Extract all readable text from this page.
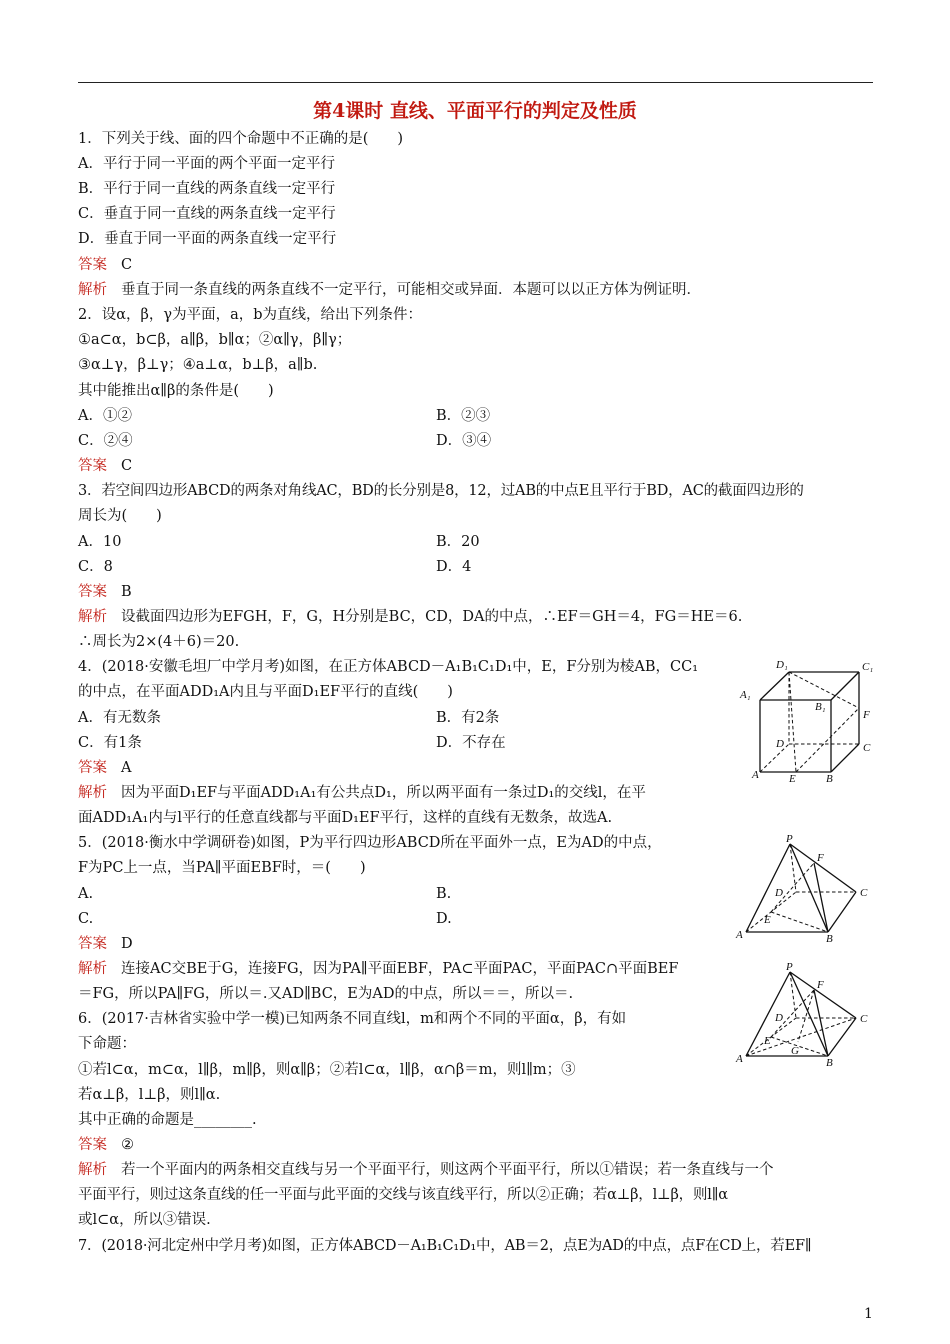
第4课时 直线、平面平行的判定及性质
1．下列关于线、面的四个命题中不正确的是(　　)
A．平行于同一平面的两个平面一定平行
B．平行于同一直线的两条直线一定平行
C．垂直于同一直线的两条直线一定平行
D．垂直于同一平面的两条直线一定平行
答案 C
解析 垂直于同一条直线的两条直线不一定平行，可能相交或异面．本题可以以正方体为例证明．
2．设α，β，γ为平面，a，b为直线，给出下列条件：
①a⊂α，b⊂β，a∥β，b∥α；②α∥γ，β∥γ；
③α⊥γ，β⊥γ；④a⊥α，b⊥β，a∥b.
其中能推出α∥β的条件是(　　)
A．①②	B．②③
C．②④	D．③④
答案 C
3．若空间四边形ABCD的两条对角线AC，BD的长分别是8，12，过AB的中点E且平行于BD，AC的截面四边形的
周长为(　　)
A．10	B．20
C．8	D．4
答案 B
解析 设截面四边形为EFGH，F，G，H分别是BC，CD，DA的中点，∴EF＝GH＝4，FG＝HE＝6.
∴周长为2×(4＋6)＝20.
4．(2018·安徽毛坦厂中学月考)如图，在正方体ABCD－A₁B₁C₁D₁中，E，F分别为棱AB，CC₁
的中点，在平面ADD₁A内且与平面D₁EF平行的直线(　　)
A．有无数条	B．有2条
C．有1条	D．不存在
答案 A
解析 因为平面D₁EF与平面ADD₁A₁有公共点D₁，所以两平面有一条过D₁的交线l，在平
面ADD₁A₁内与l平行的任意直线都与平面D₁EF平行，这样的直线有无数条，故选A.
5．(2018·衡水中学调研卷)如图，P为平行四边形ABCD所在平面外一点，E为AD的中点，
F为PC上一点，当PA∥平面EBF时，＝(　　)
A.	B.
C.	D.
答案 D
解析 连接AC交BE于G，连接FG，因为PA∥平面EBF，PA⊂平面PAC，平面PAC∩平面BEF
＝FG，所以PA∥FG，所以＝.又AD∥BC，E为AD的中点，所以＝＝，所以＝.
6．(2017·吉林省实验中学一模)已知两条不同直线l，m和两个不同的平面α，β，有如
下命题：
①若l⊂α，m⊂α，l∥β，m∥β，则α∥β；②若l⊂α，l∥β，α∩β＝m，则l∥m；③
若α⊥β，l⊥β，则l∥α.
其中正确的命题是________.
答案 ②
解析 若一个平面内的两条相交直线与另一个平面平行，则这两个平面平行，所以①错误；若一条直线与一个
平面平行，则过这条直线的任一平面与此平面的交线与该直线平行，所以②正确；若α⊥β，l⊥β，则l∥α
或l⊂α，所以③错误.
7．(2018·河北定州中学月考)如图，正方体ABCD－A₁B₁C₁D₁中，AB＝2，点E为AD的中点，点F在CD上，若EF∥
D₁	C₁
A₁
B₁
F
D	C
A	E	B
P
F
D	C
E
A	B
P
F
D	C
E
G
A	B
1
